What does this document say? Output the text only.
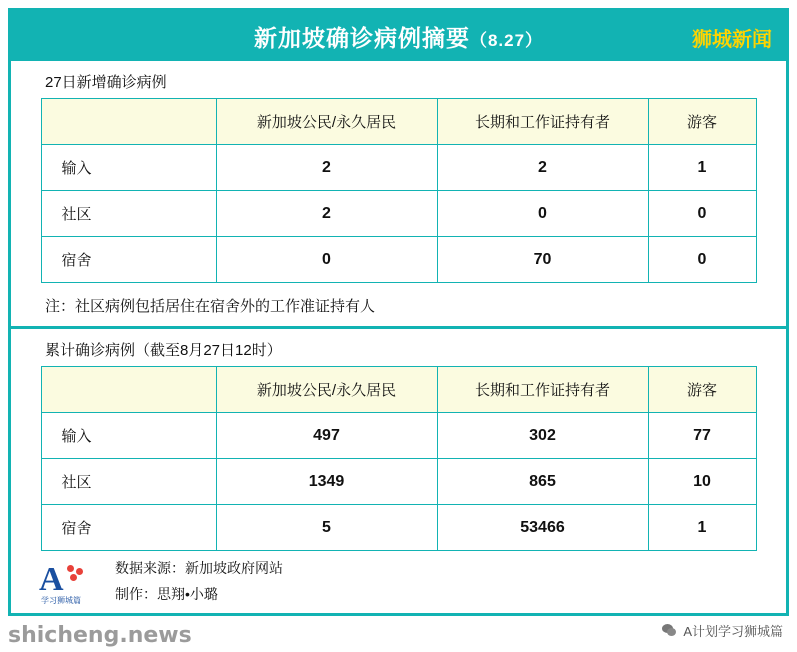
新加坡确诊病例摘要（8.27）	狮城新闻
27日新增确诊病例
	新加坡公民/永久居民	长期和工作证持有者	游客
输入	2	2	1
社区	2	0	0
宿舍	0	70	0
注：社区病例包括居住在宿舍外的工作准证持有人
累计确诊病例（截至8月27日12时）
	新加坡公民/永久居民	长期和工作证持有者	游客
输入	497	302	77
社区	1349	865	10
宿舍	5	53466	1
A
学习狮城篇
数据来源：新加坡政府网站
制作：思翔•小璐
shicheng.news	A计划学习狮城篇
